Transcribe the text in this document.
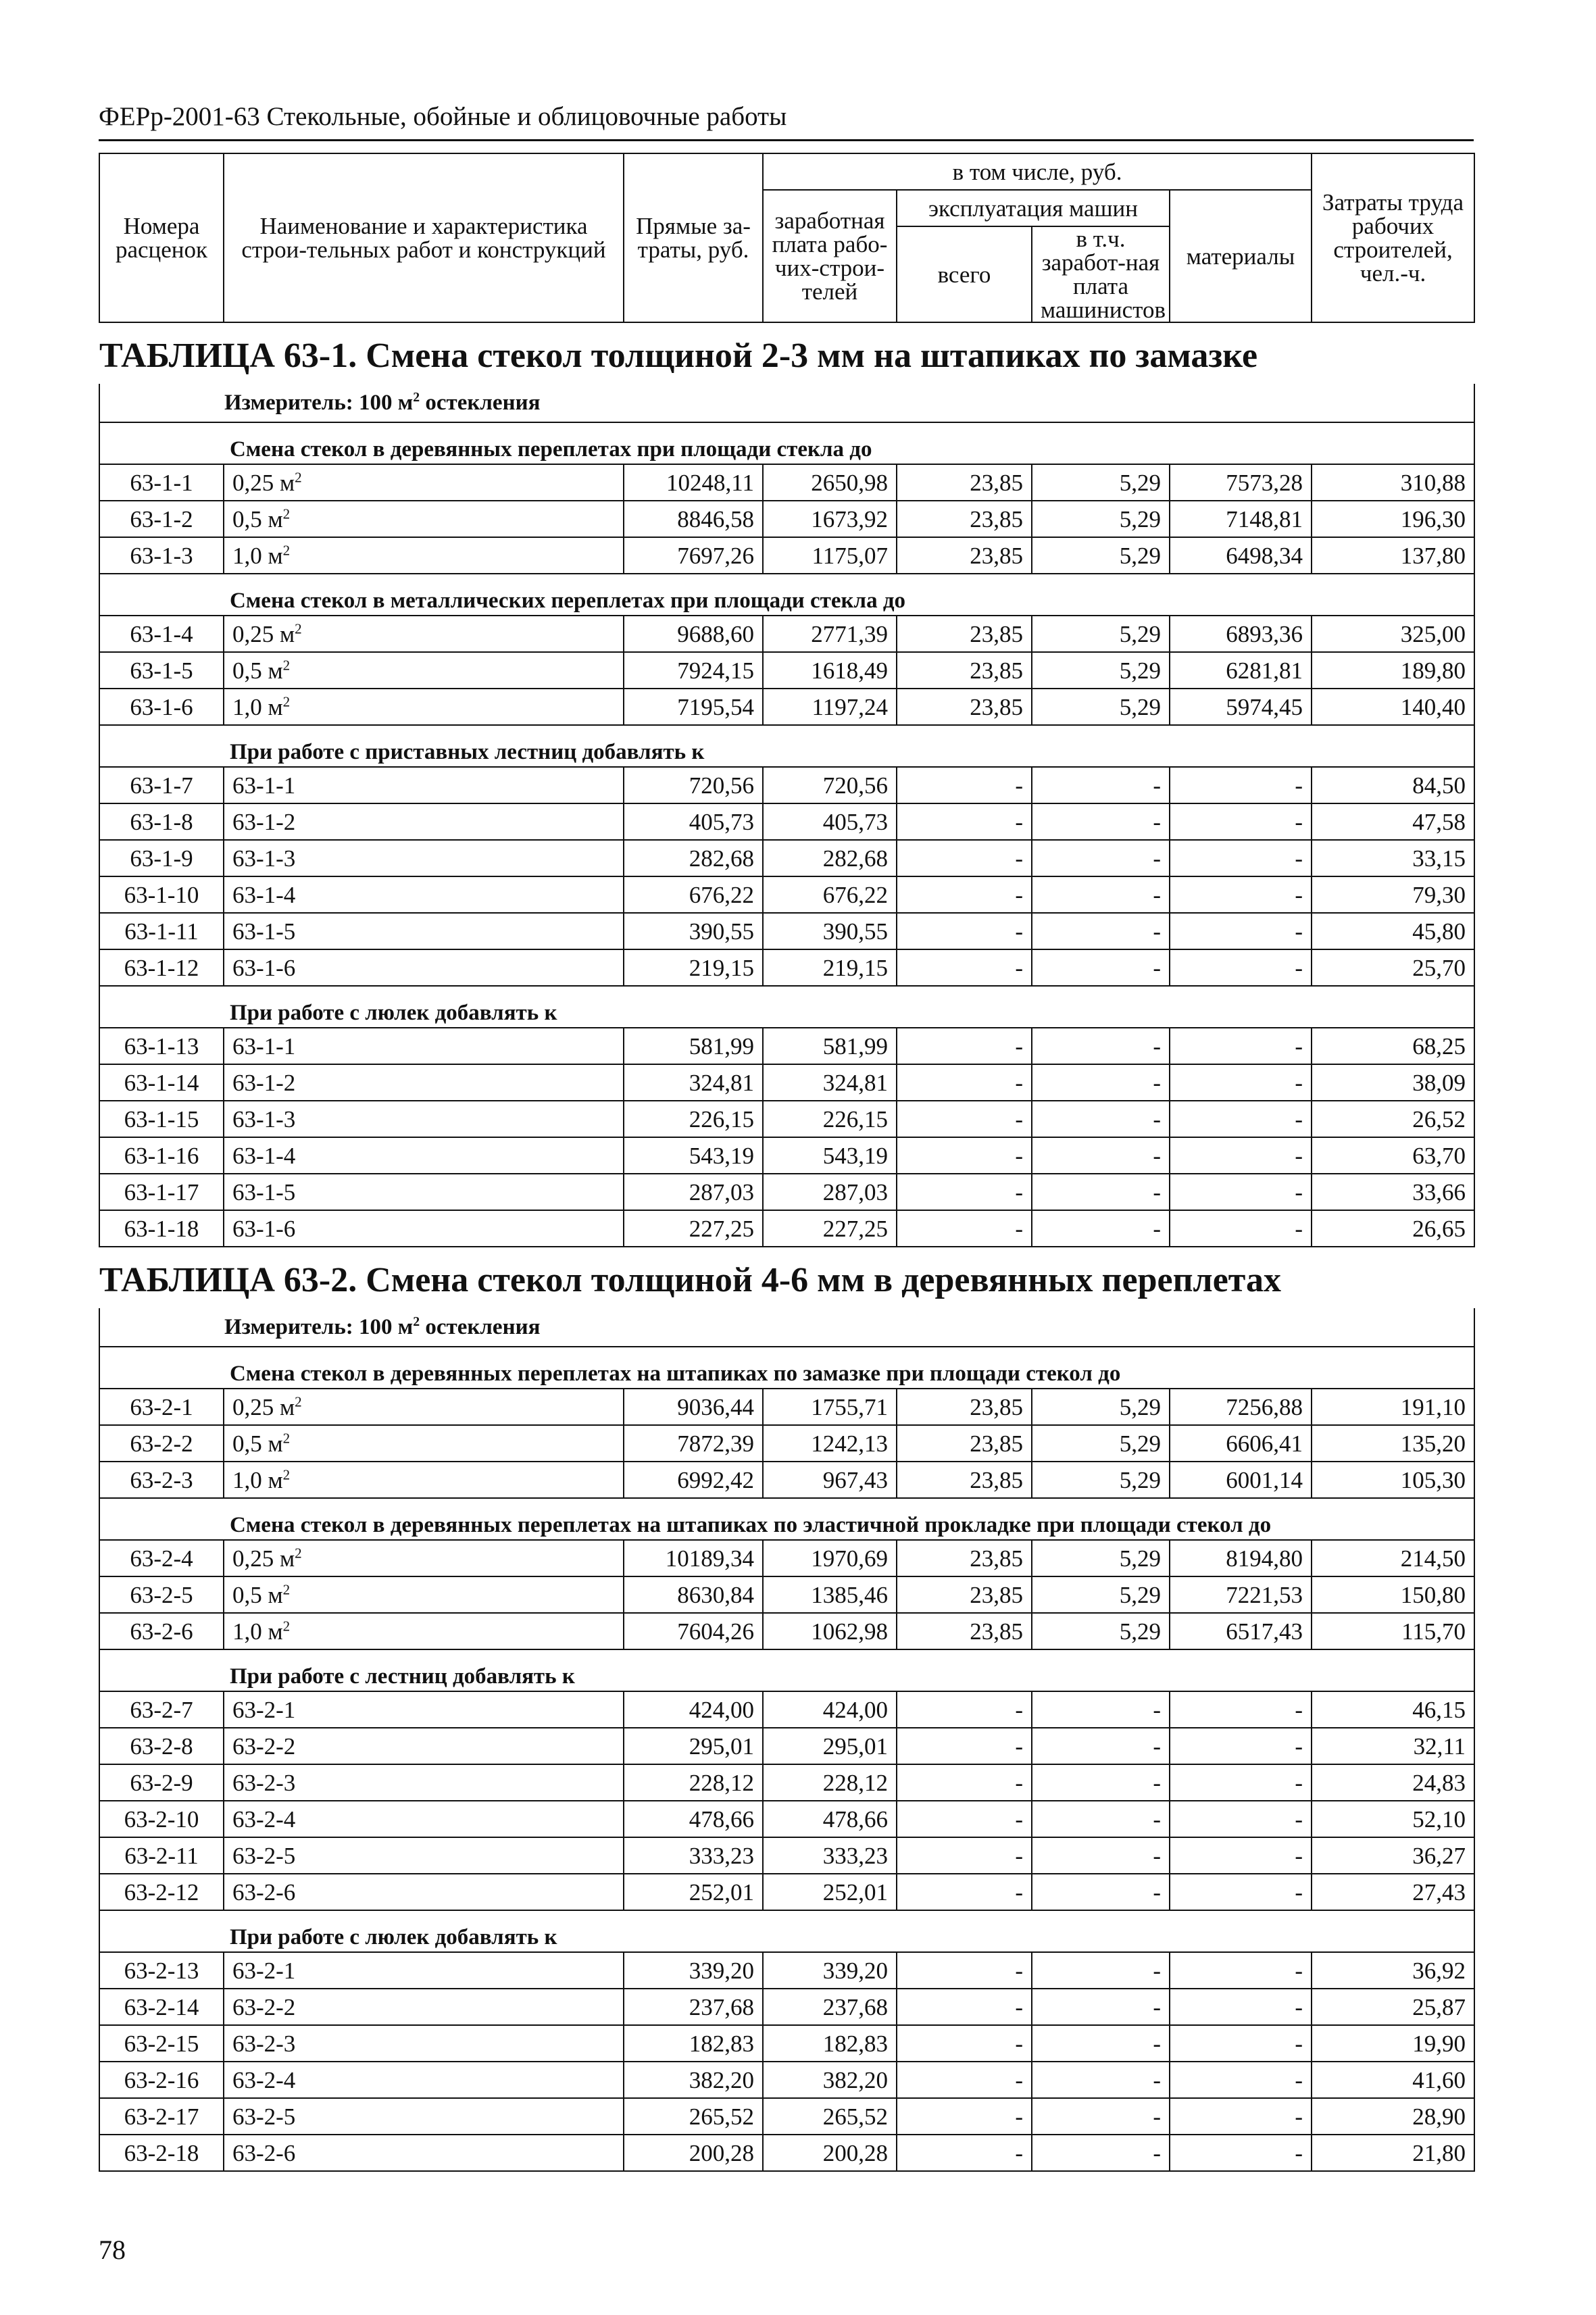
ФЕРр-2001-63 Стекольные, обойные и облицовочные работы
Номера расценок	Наименование и характеристика строи-тельных работ и конструкций	Прямые за-траты, руб.	в том числе, руб.				Затраты труда рабочих строителей, чел.-ч.
			заработная плата рабо-чих-строи-телей	эксплуатация машин		материалы	
				всего	в т.ч. заработ-ная плата машинистов		

ТАБЛИЦА 63-1. Смена стекол толщиной 2-3 мм на штапиках по замазке							
Измеритель: 100 $м^2$ остекления							
Смена стекол в деревянных переплетах при площади стекла до							
63-1-1	0,25 $м^2$	10248,11	2650,98	23,85	5,29	7573,28	310,88
63-1-2	0,5 $м^2$	8846,58	1673,92	23,85	5,29	7148,81	196,30
63-1-3	1,0 $м^2$	7697,26	1175,07	23,85	5,29	6498,34	137,80
Смена стекол в металлических переплетах при площади стекла до							
63-1-4	0,25 $м^2$	9688,60	2771,39	23,85	5,29	6893,36	325,00
63-1-5	0,5 $м^2$	7924,15	1618,49	23,85	5,29	6281,81	189,80
63-1-6	1,0 $м^2$	7195,54	1197,24	23,85	5,29	5974,45	140,40
При работе с приставных лестниц добавлять к							
63-1-7	63-1-1	720,56	720,56	-	-	-	84,50
63-1-8	63-1-2	405,73	405,73	-	-	-	47,58
63-1-9	63-1-3	282,68	282,68	-	-	-	33,15
63-1-10	63-1-4	676,22	676,22	-	-	-	79,30
63-1-11	63-1-5	390,55	390,55	-	-	-	45,80
63-1-12	63-1-6	219,15	219,15	-	-	-	25,70
При работе с люлек добавлять к							
63-1-13	63-1-1	581,99	581,99	-	-	-	68,25
63-1-14	63-1-2	324,81	324,81	-	-	-	38,09
63-1-15	63-1-3	226,15	226,15	-	-	-	26,52
63-1-16	63-1-4	543,19	543,19	-	-	-	63,70
63-1-17	63-1-5	287,03	287,03	-	-	-	33,66
63-1-18	63-1-6	227,25	227,25	-	-	-	26,65
ТАБЛИЦА 63-2. Смена стекол толщиной 4-6 мм в деревянных переплетах							
Измеритель: 100 $м^2$ остекления							
Смена стекол в деревянных переплетах на штапиках по замазке при площади стекол до							
63-2-1	0,25 $м^2$	9036,44	1755,71	23,85	5,29	7256,88	191,10
63-2-2	0,5 $м^2$	7872,39	1242,13	23,85	5,29	6606,41	135,20
63-2-3	1,0 $м^2$	6992,42	967,43	23,85	5,29	6001,14	105,30
Смена стекол в деревянных переплетах на штапиках по эластичной прокладке при площади стекол до							
63-2-4	0,25 $м^2$	10189,34	1970,69	23,85	5,29	8194,80	214,50
63-2-5	0,5 $м^2$	8630,84	1385,46	23,85	5,29	7221,53	150,80
63-2-6	1,0 $м^2$	7604,26	1062,98	23,85	5,29	6517,43	115,70
При работе с лестниц добавлять к							
63-2-7	63-2-1	424,00	424,00	-	-	-	46,15
63-2-8	63-2-2	295,01	295,01	-	-	-	32,11
63-2-9	63-2-3	228,12	228,12	-	-	-	24,83
63-2-10	63-2-4	478,66	478,66	-	-	-	52,10
63-2-11	63-2-5	333,23	333,23	-	-	-	36,27
63-2-12	63-2-6	252,01	252,01	-	-	-	27,43
При работе с люлек добавлять к							
63-2-13	63-2-1	339,20	339,20	-	-	-	36,92
63-2-14	63-2-2	237,68	237,68	-	-	-	25,87
63-2-15	63-2-3	182,83	182,83	-	-	-	19,90
63-2-16	63-2-4	382,20	382,20	-	-	-	41,60
63-2-17	63-2-5	265,52	265,52	-	-	-	28,90
63-2-18	63-2-6	200,28	200,28	-	-	-	21,80
78
